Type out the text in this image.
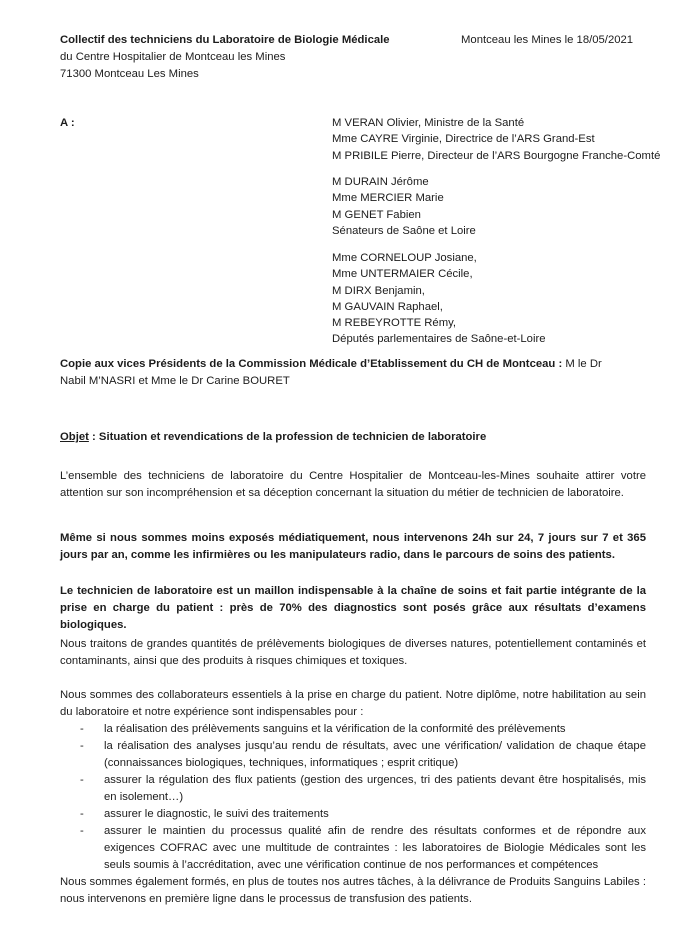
Collectif des techniciens du Laboratoire de Biologie Médicale
du Centre Hospitalier de Montceau les Mines
71300 Montceau Les Mines
Montceau les Mines le 18/05/2021
A :	M VERAN Olivier, Ministre de la Santé
Mme CAYRE Virginie, Directrice de l’ARS Grand-Est
M PRIBILE Pierre, Directeur de l’ARS Bourgogne Franche-Comté
M DURAIN Jérôme
Mme MERCIER Marie
M GENET Fabien
Sénateurs de Saône et Loire
Mme CORNELOUP Josiane,
Mme UNTERMAIER Cécile,
M DIRX Benjamin,
M GAUVAIN Raphael,
M REBEYROTTE Rémy,
Députés parlementaires de Saône-et-Loire
Copie aux vices Présidents de la Commission Médicale d’Etablissement du CH de Montceau : M le Dr Nabil M’NASRI et Mme le Dr Carine BOURET
Objet : Situation et revendications de la profession de technicien de laboratoire
L’ensemble des techniciens de laboratoire du Centre Hospitalier de Montceau-les-Mines souhaite attirer votre attention sur son incompréhension et sa déception concernant la situation du métier de technicien de laboratoire.
Même si nous sommes moins exposés médiatiquement, nous intervenons 24h sur 24, 7 jours sur 7 et 365 jours par an, comme les infirmières ou les manipulateurs radio, dans le parcours de soins des patients.
Le technicien de laboratoire est un maillon indispensable à la chaîne de soins et fait partie intégrante de la prise en charge du patient : près de 70% des diagnostics sont posés grâce aux résultats d’examens biologiques.
Nous traitons de grandes quantités de prélèvements biologiques de diverses natures, potentiellement contaminés et contaminants, ainsi que des produits à risques chimiques et toxiques.
Nous sommes des collaborateurs essentiels à la prise en charge du patient. Notre diplôme, notre habilitation au sein du laboratoire et notre expérience sont indispensables pour :
- la réalisation des prélèvements sanguins et la vérification de la conformité des prélèvements
- la réalisation des analyses jusqu’au rendu de résultats, avec une vérification/ validation de chaque étape (connaissances biologiques, techniques, informatiques ; esprit critique)
- assurer la régulation des flux patients (gestion des urgences, tri des patients devant être hospitalisés, mis en isolement…)
- assurer le diagnostic, le suivi des traitements
- assurer le maintien du processus qualité afin de rendre des résultats conformes et de répondre aux exigences COFRAC avec une multitude de contraintes : les laboratoires de Biologie Médicales sont les seuls soumis à l’accréditation, avec une vérification continue de nos performances et compétences
Nous sommes également formés, en plus de toutes nos autres tâches, à la délivrance de Produits Sanguins Labiles : nous intervenons en première ligne dans le processus de transfusion des patients.
